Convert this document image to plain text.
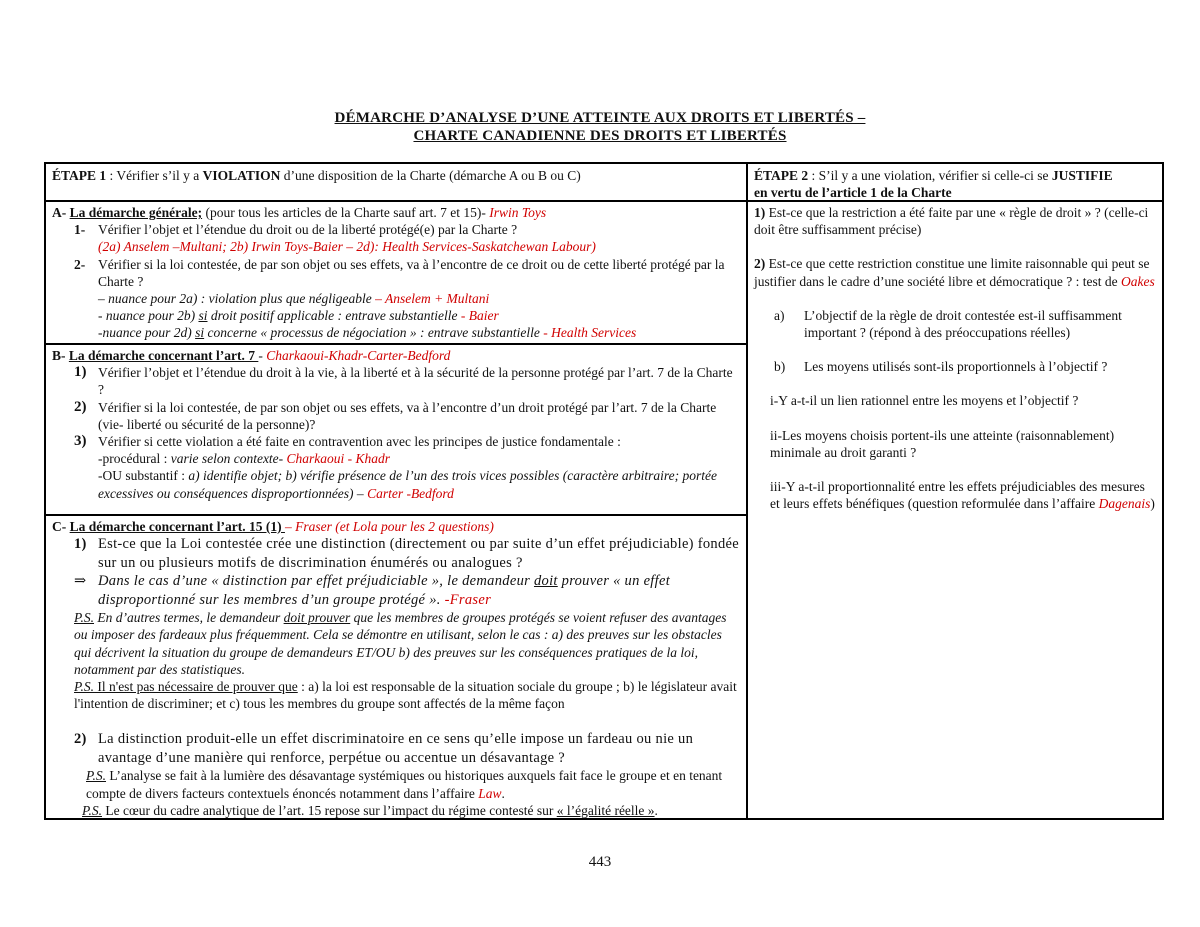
DÉMARCHE D’ANALYSE D’UNE ATTEINTE AUX DROITS ET LIBERTÉS –
CHARTE CANADIENNE DES DROITS ET LIBERTÉS
ÉTAPE 1 : Vérifier s’il y a VIOLATION d’une disposition de la Charte (démarche A ou B ou C)

A- La démarche générale; (pour tous les articles de la Charte sauf art. 7 et 15)- Irwin Toys

1- Vérifier l’objet et l’étendue du droit ou de la liberté protégé(e) par la Charte ?

(2a) Anselem –Multani; 2b) Irwin Toys-Baier – 2d): Health Services-Saskatchewan Labour)

2- Vérifier si la loi contestée, de par son objet ou ses effets, va à l’encontre de ce droit ou de cette liberté protégé par la Charte ?

– nuance pour 2a) : violation plus que négligeable – Anselem + Multani

- nuance pour 2b) si droit positif applicable : entrave substantielle - Baier

-nuance pour 2d) si concerne « processus de négociation » : entrave substantielle - Health Services

B- La démarche concernant l’art. 7 - Charkaoui-Khadr-Carter-Bedford

1) Vérifier l’objet et l’étendue du droit à la vie, à la liberté et à la sécurité de la personne protégé par l’art. 7 de la Charte ?
2) Vérifier si la loi contestée, de par son objet ou ses effets, va à l’encontre d’un droit protégé par l’art. 7 de la Charte (vie- liberté ou sécurité de la personne)?
3) Vérifier si cette violation a été faite en contravention avec les principes de justice fondamentale :

-procédural : varie selon contexte- Charkaoui - Khadr

-OU substantif : a) identifie objet; b) vérifie présence de l’un des trois vices possibles (caractère arbitraire; portée excessives ou conséquences disproportionnées) – Carter -Bedford

C- La démarche concernant l’art. 15 (1) – Fraser (et Lola pour les 2 questions)

1) Est-ce que la Loi contestée crée une distinction (directement ou par suite d’un effet préjudiciable) fondée sur un ou plusieurs motifs de discrimination énumérés ou analogues ?
⇒ Dans le cas d’une « distinction par effet préjudiciable », le demandeur doit prouver « un effet disproportionné sur les membres d’un groupe protégé ». -Fraser

P.S. En d’autres termes, le demandeur doit prouver que les membres de groupes protégés se voient refuser des avantages ou imposer des fardeaux plus fréquemment. Cela se démontre en utilisant, selon le cas : a) des preuves sur les obstacles qui décrivent la situation du groupe de demandeurs ET/OU b) des preuves sur les conséquences pratiques de la loi, notamment par des statistiques.

P.S. Il n'est pas nécessaire de prouver que : a) la loi est responsable de la situation sociale du groupe ; b) le législateur avait l'intention de discriminer; et c) tous les membres du groupe sont affectés de la même façon

2) La distinction produit-elle un effet discriminatoire en ce sens qu’elle impose un fardeau ou nie un avantage d’une manière qui renforce, perpétue ou accentue un désavantage ?

P.S. L’analyse se fait à la lumière des désavantage systémiques ou historiques auxquels fait face le groupe et en tenant compte de divers facteurs contextuels énoncés notamment dans l’affaire Law.

P.S. Le cœur du cadre analytique de l’art. 15 repose sur l’impact du régime contesté sur « l’égalité réelle ».

ÉTAPE 2 : S’il y a une violation, vérifier si celle-ci se JUSTIFIE
en vertu de l’article 1 de la Charte
1) Est-ce que la restriction a été faite par une « règle de droit » ? (celle-ci doit être suffisamment précise)
2) Est-ce que cette restriction constitue une limite raisonnable qui peut se justifier dans le cadre d’une société libre et démocratique ? : test de Oakes
a)	L’objectif de la règle de droit contestée est-il suffisamment important ? (répond à des préoccupations réelles)
b)	Les moyens utilisés sont-ils proportionnels à l’objectif ?
i-Y a-t-il un lien rationnel entre les moyens et l’objectif ?
ii-Les moyens choisis portent-ils une atteinte (raisonnablement) minimale au droit garanti ?
iii-Y a-t-il proportionnalité entre les effets préjudiciables des mesures et leurs effets bénéfiques (question reformulée dans l’affaire Dagenais)
443
